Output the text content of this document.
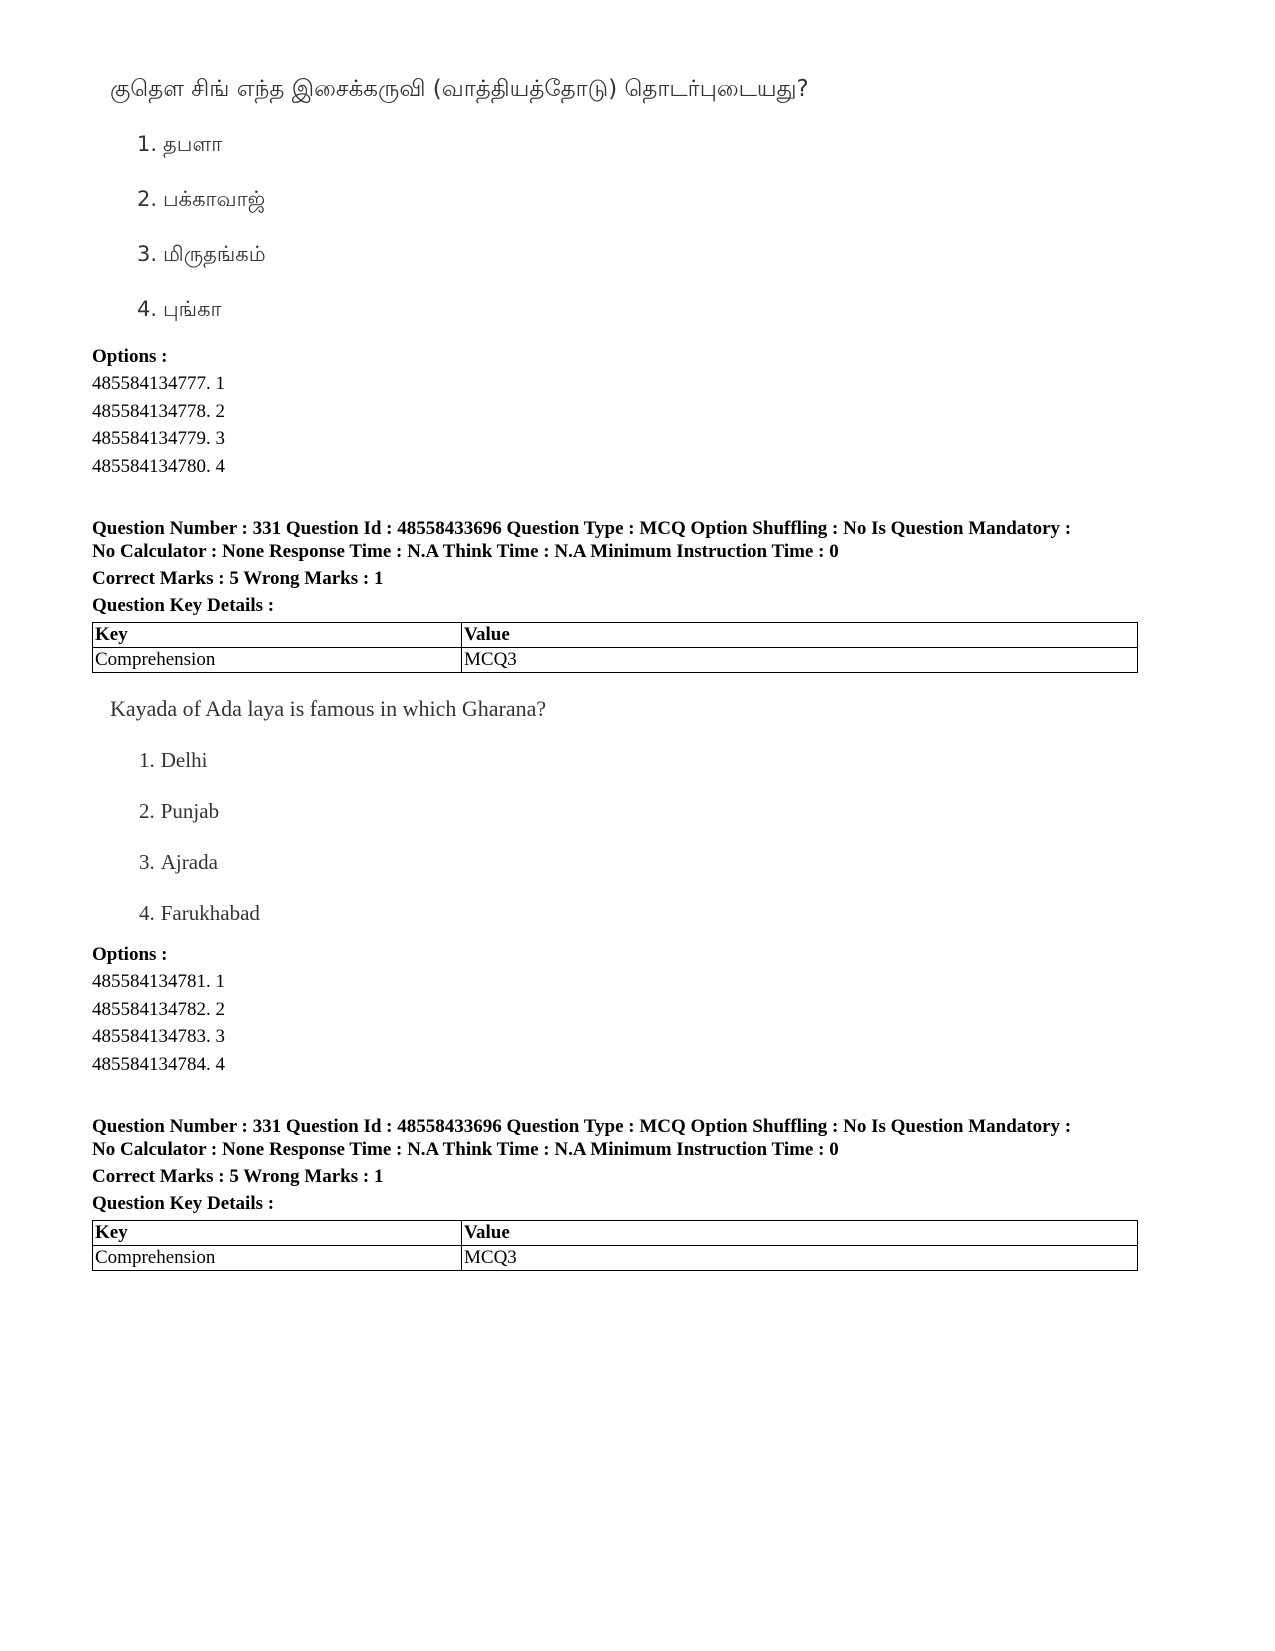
குதௌ சிங் எந்த இசைக்கருவி (வாத்தியத்தோடு) தொடர்புடையது?
1. தபளா
2. பக்காவாஜ்
3. மிருதங்கம்
4. புங்கா
Options :
485584134777. 1
485584134778. 2
485584134779. 3
485584134780. 4
Question Number : 331 Question Id : 48558433696 Question Type : MCQ Option Shuffling : No Is Question Mandatory :
No Calculator : None Response Time : N.A Think Time : N.A Minimum Instruction Time : 0
Correct Marks : 5 Wrong Marks : 1
Question Key Details :
Key	Value
Comprehension	MCQ3
Kayada of Ada laya is famous in which Gharana?
1. Delhi
2. Punjab
3. Ajrada
4. Farukhabad
Options :
485584134781. 1
485584134782. 2
485584134783. 3
485584134784. 4
Question Number : 331 Question Id : 48558433696 Question Type : MCQ Option Shuffling : No Is Question Mandatory :
No Calculator : None Response Time : N.A Think Time : N.A Minimum Instruction Time : 0
Correct Marks : 5 Wrong Marks : 1
Question Key Details :
Key	Value
Comprehension	MCQ3
